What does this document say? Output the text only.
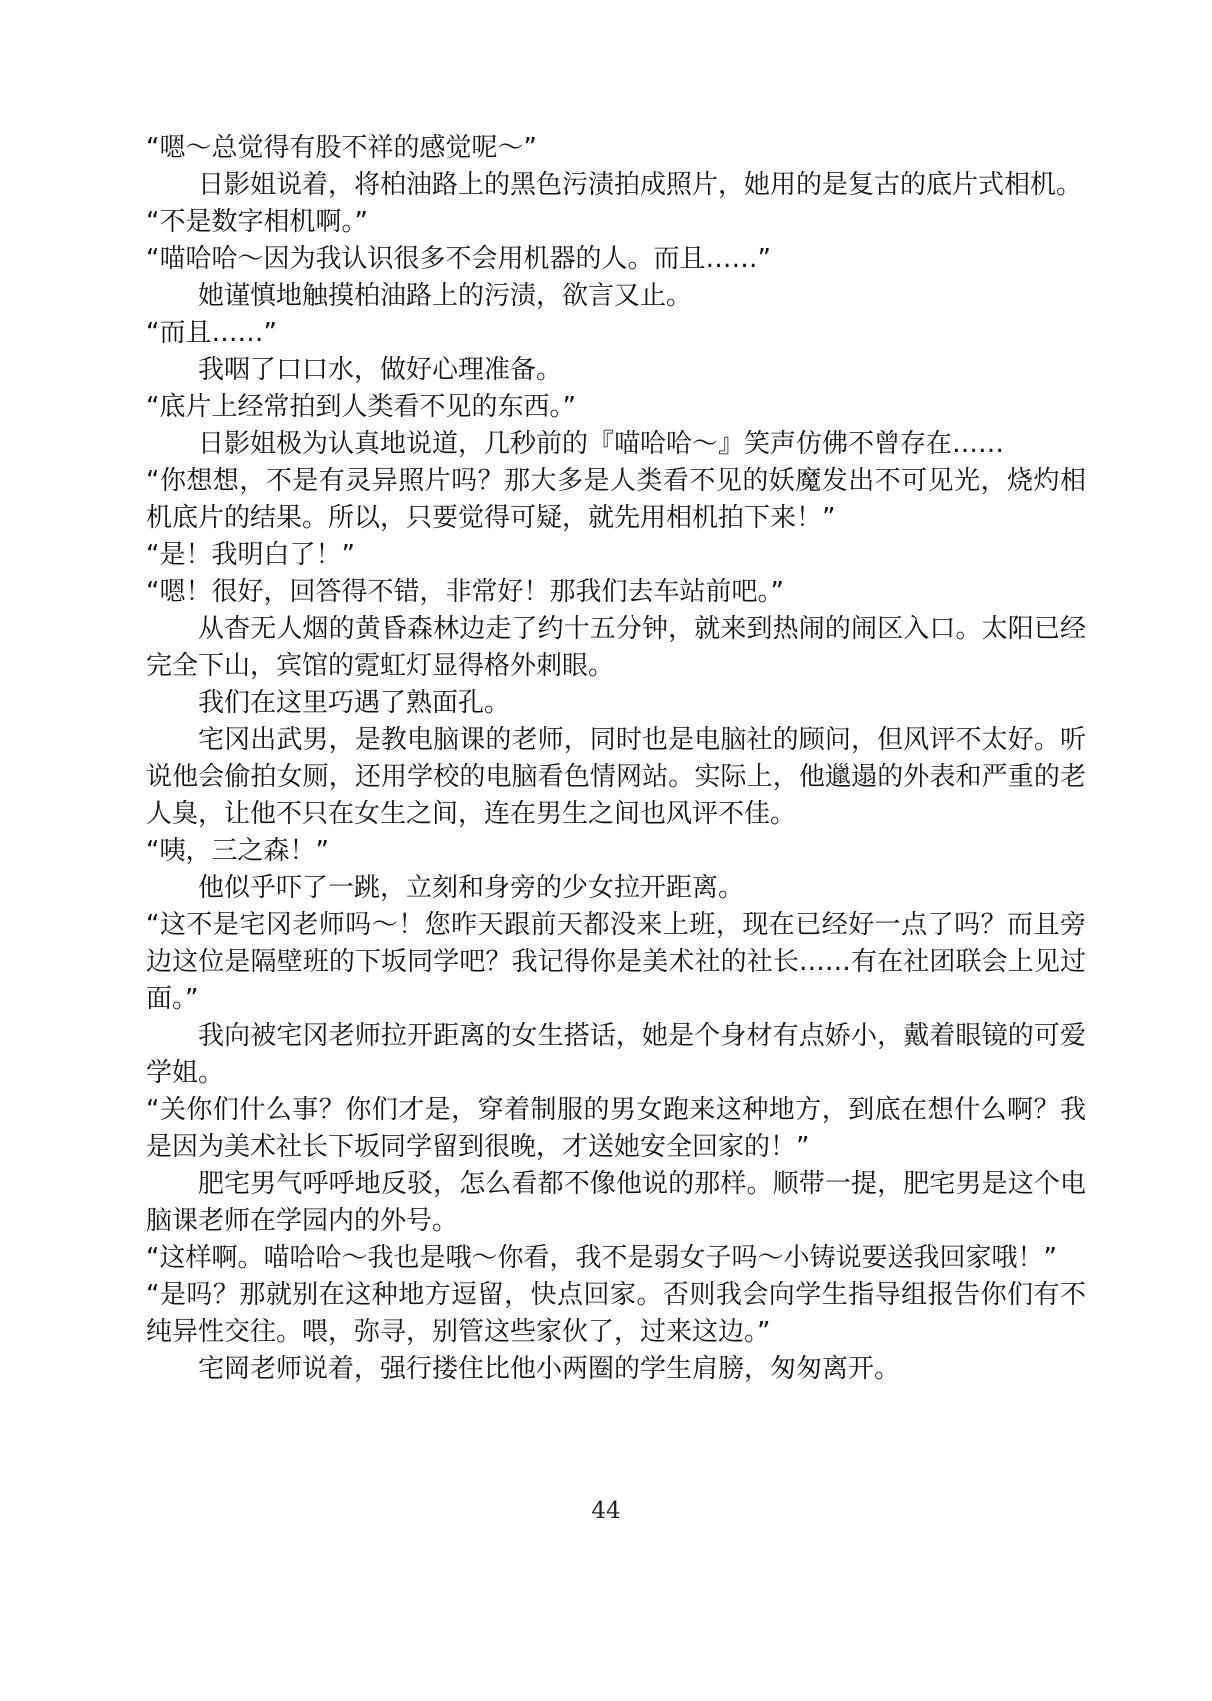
“嗯～总觉得有股不祥的感觉呢～”

日影姐说着，将柏油路上的黑色污渍拍成照片，她用的是复古的底片式相机。

“不是数字相机啊。”

“喵哈哈～因为我认识很多不会用机器的人。而且……”

她谨慎地触摸柏油路上的污渍，欲言又止。

“而且……”

我咽了口口水，做好心理准备。

“底片上经常拍到人类看不见的东西。”

日影姐极为认真地说道，几秒前的『喵哈哈～』笑声仿佛不曾存在……

“你想想，不是有灵异照片吗？那大多是人类看不见的妖魔发出不可见光，烧灼相机底片的结果。所以，只要觉得可疑，就先用相机拍下来！”

“是！我明白了！”

“嗯！很好，回答得不错，非常好！那我们去车站前吧。”

从杳无人烟的黄昏森林边走了约十五分钟，就来到热闹的闹区入口。太阳已经完全下山，宾馆的霓虹灯显得格外刺眼。

我们在这里巧遇了熟面孔。

宅冈出武男，是教电脑课的老师，同时也是电脑社的顾问，但风评不太好。听说他会偷拍女厕，还用学校的电脑看色情网站。实际上，他邋遢的外表和严重的老人臭，让他不只在女生之间，连在男生之间也风评不佳。

“咦，三之森！”

他似乎吓了一跳，立刻和身旁的少女拉开距离。

“这不是宅冈老师吗～！您昨天跟前天都没来上班，现在已经好一点了吗？而且旁边这位是隔壁班的下坂同学吧？我记得你是美术社的社长……有在社团联会上见过面。”

我向被宅冈老师拉开距离的女生搭话，她是个身材有点娇小，戴着眼镜的可爱学姐。

“关你们什么事？你们才是，穿着制服的男女跑来这种地方，到底在想什么啊？我是因为美术社长下坂同学留到很晚，才送她安全回家的！”

肥宅男气呼呼地反驳，怎么看都不像他说的那样。顺带一提，肥宅男是这个电脑课老师在学园内的外号。

“这样啊。喵哈哈～我也是哦～你看，我不是弱女子吗～小铸说要送我回家哦！”

“是吗？那就别在这种地方逗留，快点回家。否则我会向学生指导组报告你们有不纯异性交往。喂，弥寻，别管这些家伙了，过来这边。”

宅岡老师说着，强行搂住比他小两圈的学生肩膀，匆匆离开。

44
